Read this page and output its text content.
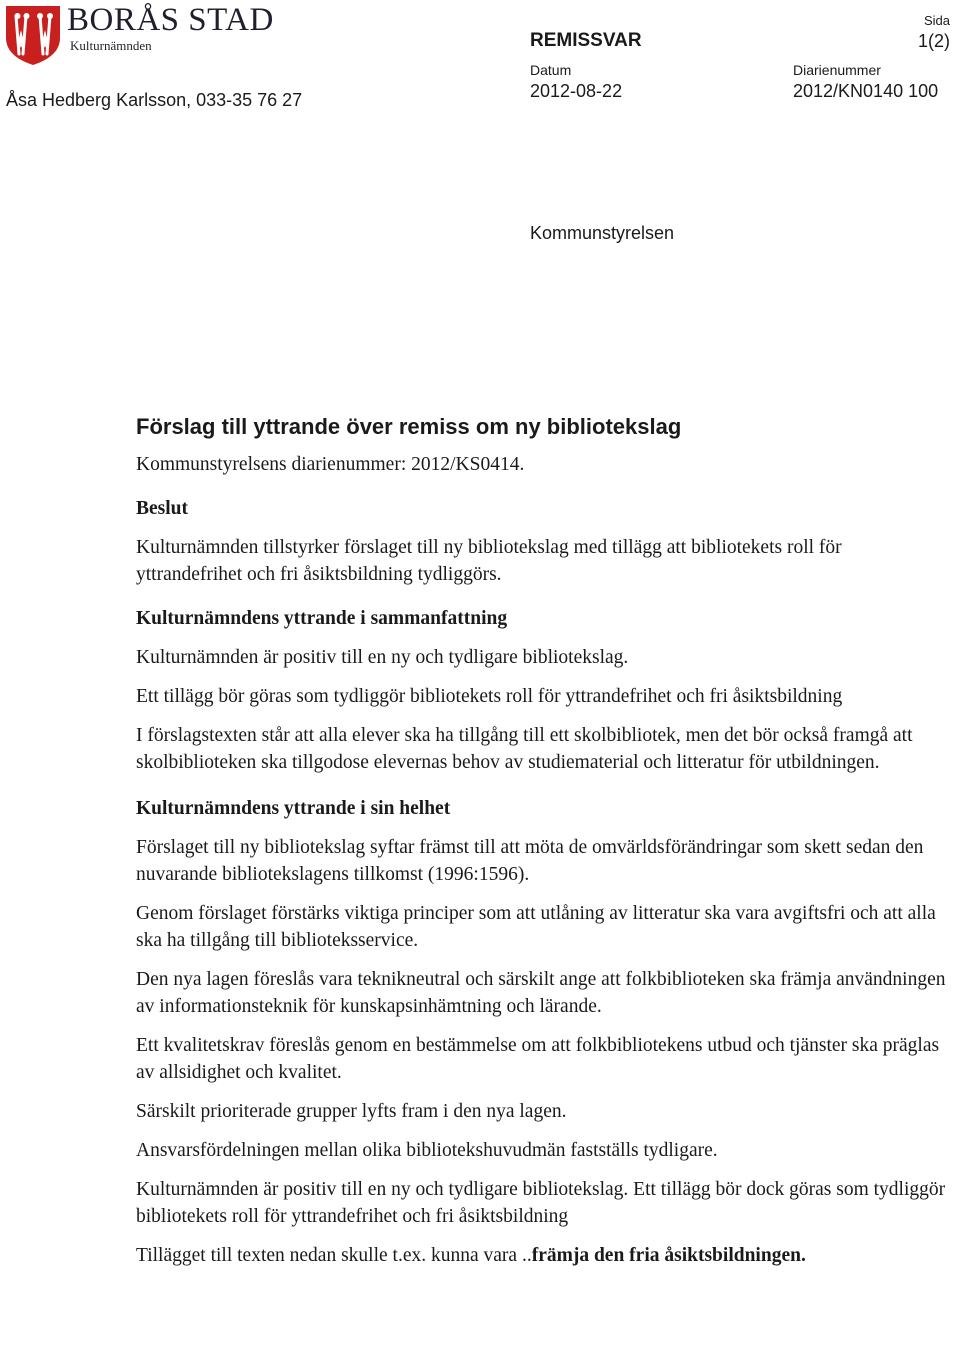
BORÅS STAD
Kulturnämnden
Åsa Hedberg Karlsson, 033-35 76 27
REMISSVAR
Sida
1(2)
Datum
2012-08-22
Diarienummer
2012/KN0140 100
Kommunstyrelsen
Förslag till yttrande över remiss om ny bibliotekslag
Kommunstyrelsens diarienummer: 2012/KS0414.
Beslut
Kulturnämnden tillstyrker förslaget till ny bibliotekslag med tillägg att bibliotekets roll för yttrandefrihet och fri åsiktsbildning tydliggörs.
Kulturnämndens yttrande i sammanfattning
Kulturnämnden är positiv till en ny och tydligare bibliotekslag.
Ett tillägg bör göras som tydliggör bibliotekets roll för yttrandefrihet och fri åsiktsbildning
I förslagstexten står att alla elever ska ha tillgång till ett skolbibliotek, men det bör också framgå att skolbiblioteken ska tillgodose elevernas behov av studiematerial och litteratur för utbildningen.
Kulturnämndens yttrande i sin helhet
Förslaget till ny bibliotekslag syftar främst till att möta de omvärldsförändringar som skett sedan den nuvarande bibliotekslagens tillkomst (1996:1596).
Genom förslaget förstärks viktiga principer som att utlåning av litteratur ska vara avgiftsfri och att alla ska ha tillgång till biblioteksservice.
Den nya lagen föreslås vara teknikneutral och särskilt ange att folkbiblioteken ska främja användningen av informationsteknik för kunskapsinhämtning och lärande.
Ett kvalitetskrav föreslås genom en bestämmelse om att folkbibliotekens utbud och tjänster ska präglas av allsidighet och kvalitet.
Särskilt prioriterade grupper lyfts fram i den nya lagen.
Ansvarsfördelningen mellan olika bibliotekshuvudmän fastställs tydligare.
Kulturnämnden är positiv till en ny och tydligare bibliotekslag. Ett tillägg bör dock göras som tydliggör bibliotekets roll för yttrandefrihet och fri åsiktsbildning
Tillägget till texten nedan skulle t.ex. kunna vara ..främja den fria åsiktsbildningen.
